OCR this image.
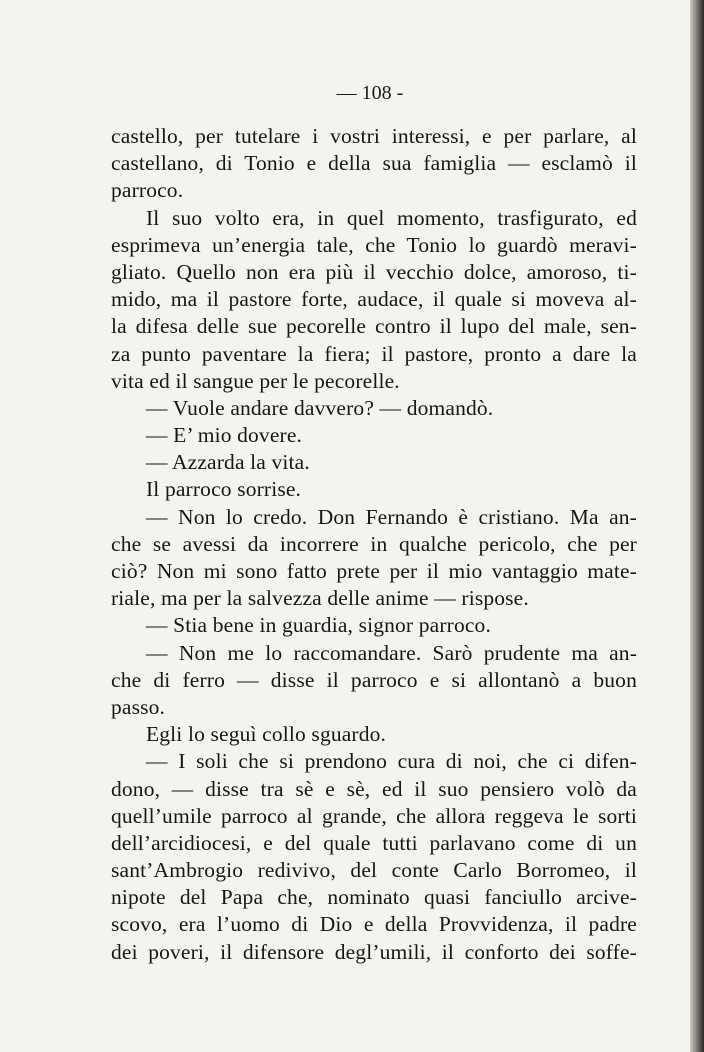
— 108 -
castello, per tutelare i vostri interessi, e per parlare, al
castellano, di Tonio e della sua famiglia — esclamò il
parroco.
Il suo volto era, in quel momento, trasfigurato, ed
esprimeva un’energia tale, che Tonio lo guardò meravi-
gliato. Quello non era più il vecchio dolce, amoroso, ti-
mido, ma il pastore forte, audace, il quale si moveva al-
la difesa delle sue pecorelle contro il lupo del male, sen-
za punto paventare la fiera; il pastore, pronto a dare la
vita ed il sangue per le pecorelle.
— Vuole andare davvero? — domandò.
— E’ mio dovere.
— Azzarda la vita.
Il parroco sorrise.
— Non lo credo. Don Fernando è cristiano. Ma an-
che se avessi da incorrere in qualche pericolo, che per
ciò? Non mi sono fatto prete per il mio vantaggio mate-
riale, ma per la salvezza delle anime — rispose.
— Stia bene in guardia, signor parroco.
— Non me lo raccomandare. Sarò prudente ma an-
che di ferro — disse il parroco e si allontanò a buon
passo.
Egli lo seguì collo sguardo.
— I soli che si prendono cura di noi, che ci difen-
dono, — disse tra sè e sè, ed il suo pensiero volò da
quell’umile parroco al grande, che allora reggeva le sorti
dell’arcidiocesi, e del quale tutti parlavano come di un
sant’Ambrogio redivivo, del conte Carlo Borromeo, il
nipote del Papa che, nominato quasi fanciullo arcive-
scovo, era l’uomo di Dio e della Provvidenza, il padre
dei poveri, il difensore degl’umili, il conforto dei soffe-
